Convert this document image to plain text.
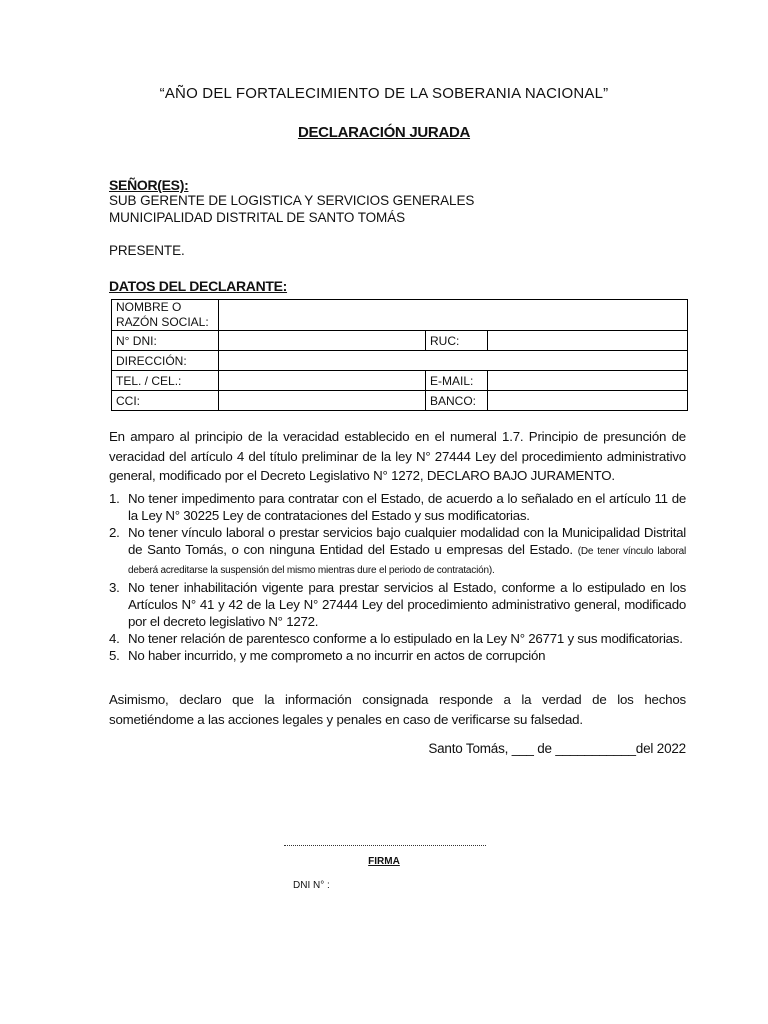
“AÑO DEL FORTALECIMIENTO DE LA SOBERANIA NACIONAL”
DECLARACIÓN JURADA
SEÑOR(ES):
SUB GERENTE DE LOGISTICA Y SERVICIOS GENERALES
MUNICIPALIDAD DISTRITAL DE SANTO TOMÁS
PRESENTE.
DATOS DEL DECLARANTE:
NOMBRE O
RAZÓN SOCIAL:			

N° DNI:		RUC:	
DIRECCIÓN:			
TEL. / CEL.:		E-MAIL:	
CCI:		BANCO:	
En amparo al principio de la veracidad establecido en el numeral 1.7. Principio de presunción de veracidad del artículo 4 del título preliminar de la ley N° 27444 Ley del procedimiento administrativo general, modificado por el Decreto Legislativo N° 1272, DECLARO BAJO JURAMENTO.
1. No tener impedimento para contratar con el Estado, de acuerdo a lo señalado en el artículo 11 de la Ley N° 30225 Ley de contrataciones del Estado y sus modificatorias.
2. No tener vínculo laboral o prestar servicios bajo cualquier modalidad con la Municipalidad Distrital de Santo Tomás, o con ninguna Entidad del Estado u empresas del Estado. (De tener vínculo laboral deberá acreditarse la suspensión del mismo mientras dure el periodo de contratación).
3. No tener inhabilitación vigente para prestar servicios al Estado, conforme a lo estipulado en los Artículos N° 41 y 42 de la Ley N° 27444 Ley del procedimiento administrativo general, modificado por el decreto legislativo N° 1272.
4. No tener relación de parentesco conforme a lo estipulado en la Ley N° 26771 y sus modificatorias.
5. No haber incurrido, y me comprometo a no incurrir en actos de corrupción
Asimismo, declaro que la información consignada responde a la verdad de los hechos sometiéndome a las acciones legales y penales en caso de verificarse su falsedad.
Santo Tomás, ___ de ___________del 2022
FIRMA
DNI N° :
